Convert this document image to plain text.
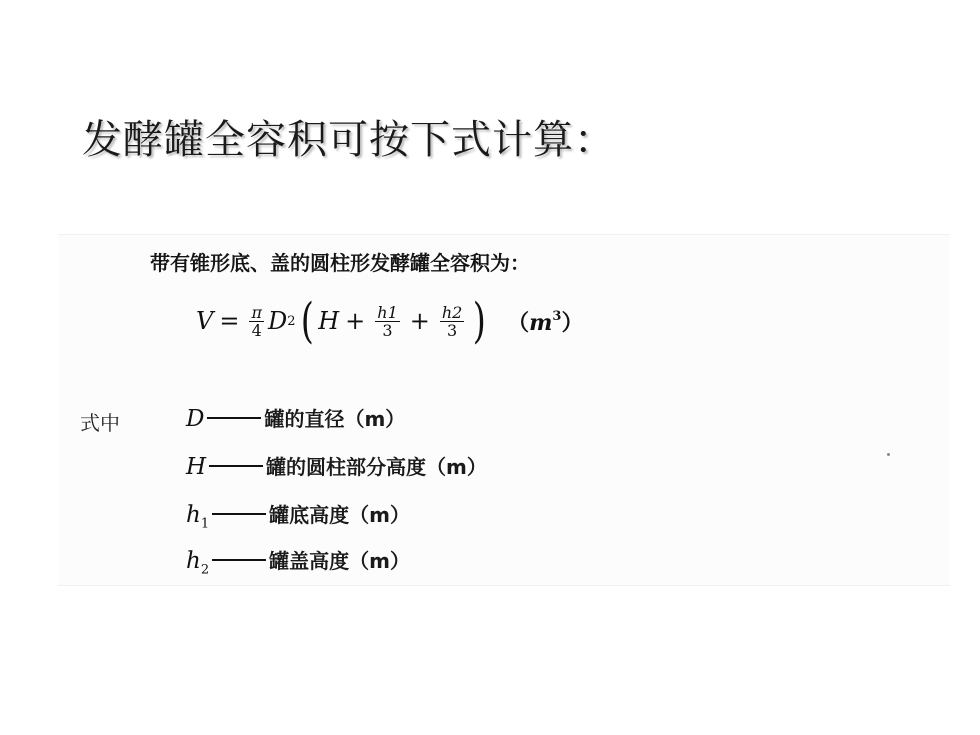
发酵罐全容积可按下式计算：
带有锥形底、盖的圆柱形发酵罐全容积为：
$V = \frac{\pi}{4}$ D 2 ( $H + \frac{h1}{3} + \frac{h2}{3}$ ) $(m^3)$
式中	D	罐的直径（m）
H	罐的圆柱部分高度（m）
$h_1$	罐底高度（m）
$h_2$	罐盖高度（m）
